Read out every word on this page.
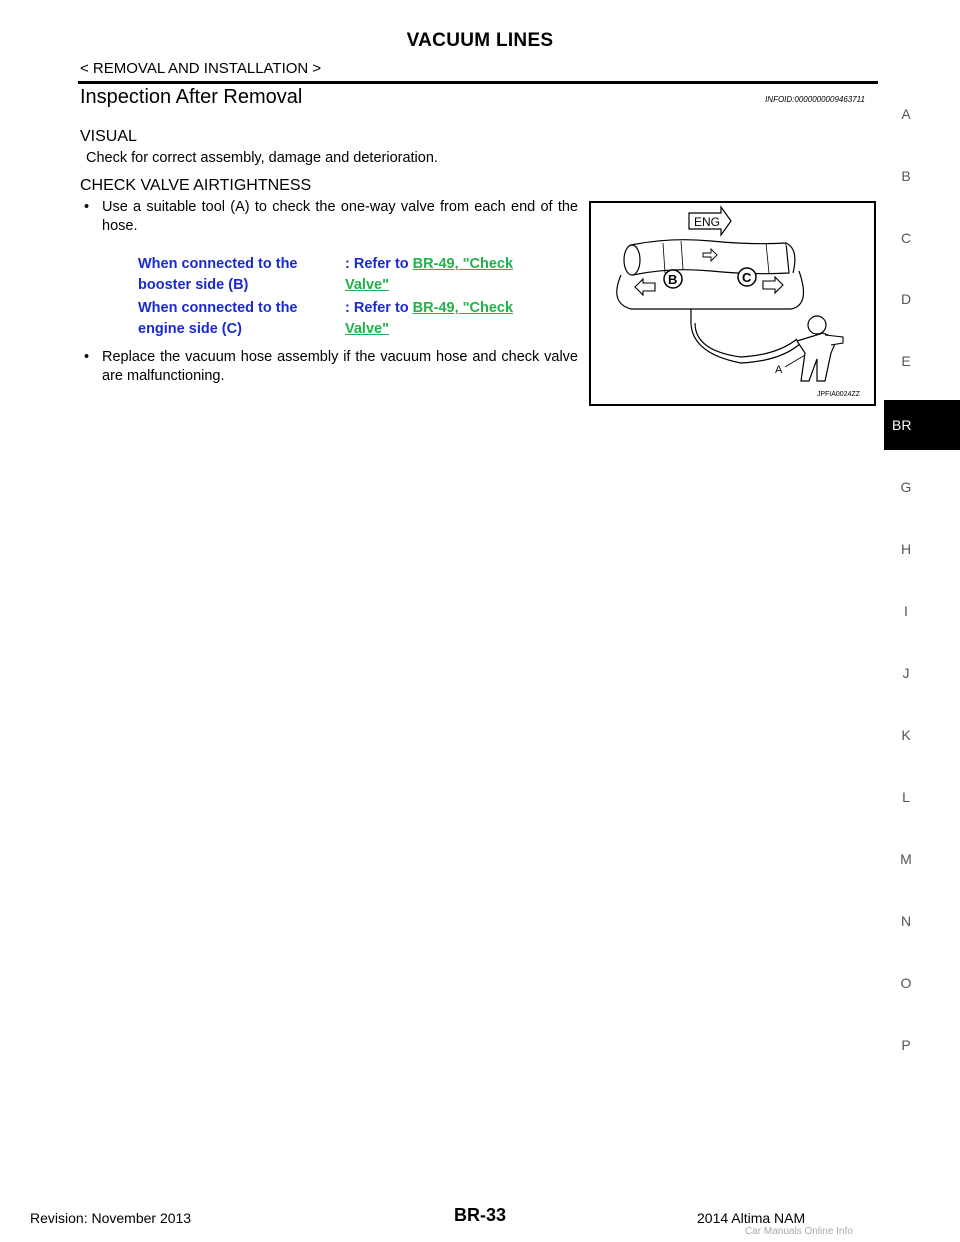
VACUUM LINES
< REMOVAL AND INSTALLATION >
Inspection After Removal	INFOID:0000000009463711
VISUAL
Check for correct assembly, damage and deterioration.
CHECK VALVE AIRTIGHTNESS
• Use a suitable tool (A) to check the one-way valve from each end of the hose.
When connected to the
booster side (B)
: Refer to BR-49, "Check
Valve"
When connected to the
engine side (C)
: Refer to BR-49, "Check
Valve"
• Replace the vacuum hose assembly if the vacuum hose and check valve are malfunctioning.
ENG
B	C
A
JPFIA0024ZZ
A
B
C
D
E
G
H
I
J
K
L
M
N
O
P
BR
Revision: November 2013	BR-33	2014 Altima NAM
Car Manuals Online Info
